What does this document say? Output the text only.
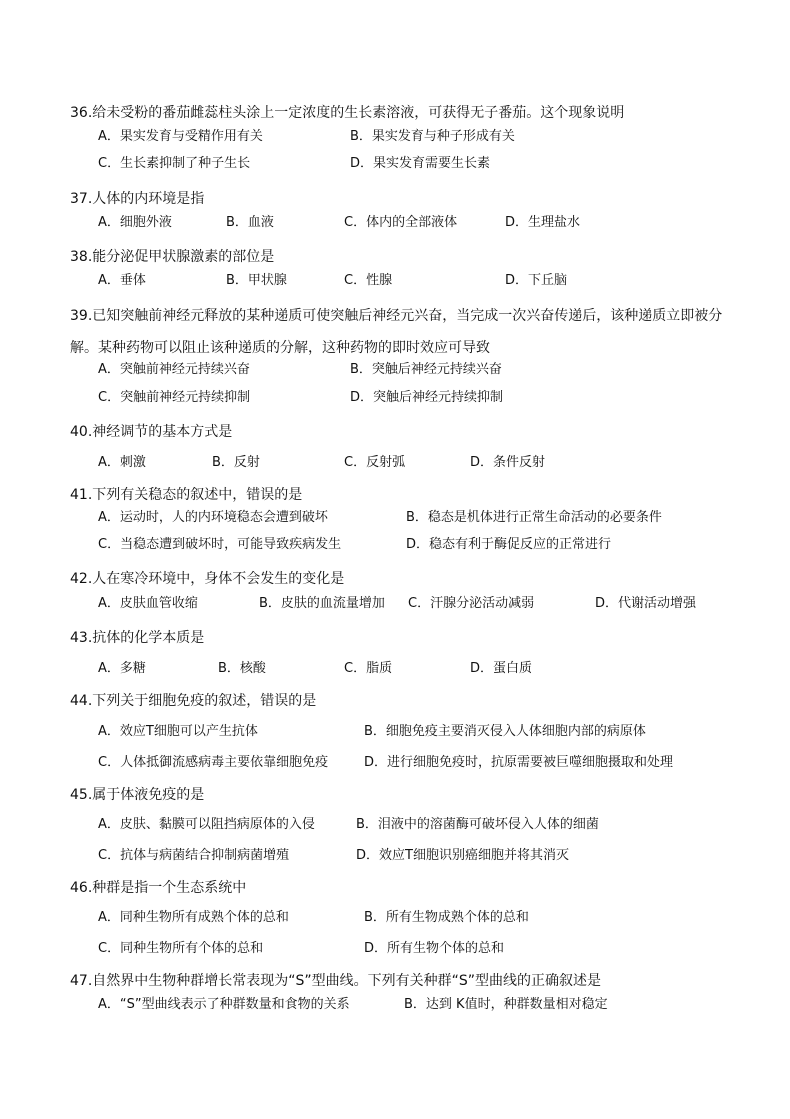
36.给未受粉的番茄雌蕊柱头涂上一定浓度的生长素溶液，可获得无子番茄。这个现象说明
A．果实发育与受精作用有关	B．果实发育与种子形成有关
C．生长素抑制了种子生长	D．果实发育需要生长素
37.人体的内环境是指
A．细胞外液	B．血液	C．体内的全部液体	D．生理盐水
38.能分泌促甲状腺激素的部位是
A．垂体	B．甲状腺	C．性腺	D．下丘脑
39.已知突触前神经元释放的某种递质可使突触后神经元兴奋，当完成一次兴奋传递后，该种递质立即被分解。某种药物可以阻止该种递质的分解，这种药物的即时效应可导致
A．突触前神经元持续兴奋	B．突触后神经元持续兴奋
C．突触前神经元持续抑制	D．突触后神经元持续抑制
40.神经调节的基本方式是
A．刺激	B．反射	C．反射弧	D．条件反射
41.下列有关稳态的叙述中，错误的是
A．运动时，人的内环境稳态会遭到破坏	B．稳态是机体进行正常生命活动的必要条件
C．当稳态遭到破坏时，可能导致疾病发生	D．稳态有利于酶促反应的正常进行
42.人在寒冷环境中，身体不会发生的变化是
A．皮肤血管收缩	B．皮肤的血流量增加 C．汗腺分泌活动减弱	D．代谢活动增强
43.抗体的化学本质是
A．多糖	B．核酸	C．脂质	D．蛋白质
44.下列关于细胞免疫的叙述，错误的是
A．效应T细胞可以产生抗体	B．细胞免疫主要消灭侵入人体细胞内部的病原体
C．人体抵御流感病毒主要依靠细胞免疫	D．进行细胞免疫时，抗原需要被巨噬细胞摄取和处理
45.属于体液免疫的是
A．皮肤、黏膜可以阻挡病原体的入侵	B．泪液中的溶菌酶可破坏侵入人体的细菌
C．抗体与病菌结合抑制病菌增殖	D．效应T细胞识别癌细胞并将其消灭
46.种群是指一个生态系统中
A．同种生物所有成熟个体的总和	B．所有生物成熟个体的总和
C．同种生物所有个体的总和	D．所有生物个体的总和
47.自然界中生物种群增长常表现为“S”型曲线。下列有关种群“S”型曲线的正确叙述是
A．“S”型曲线表示了种群数量和食物的关系	B．达到 K值时，种群数量相对稳定
